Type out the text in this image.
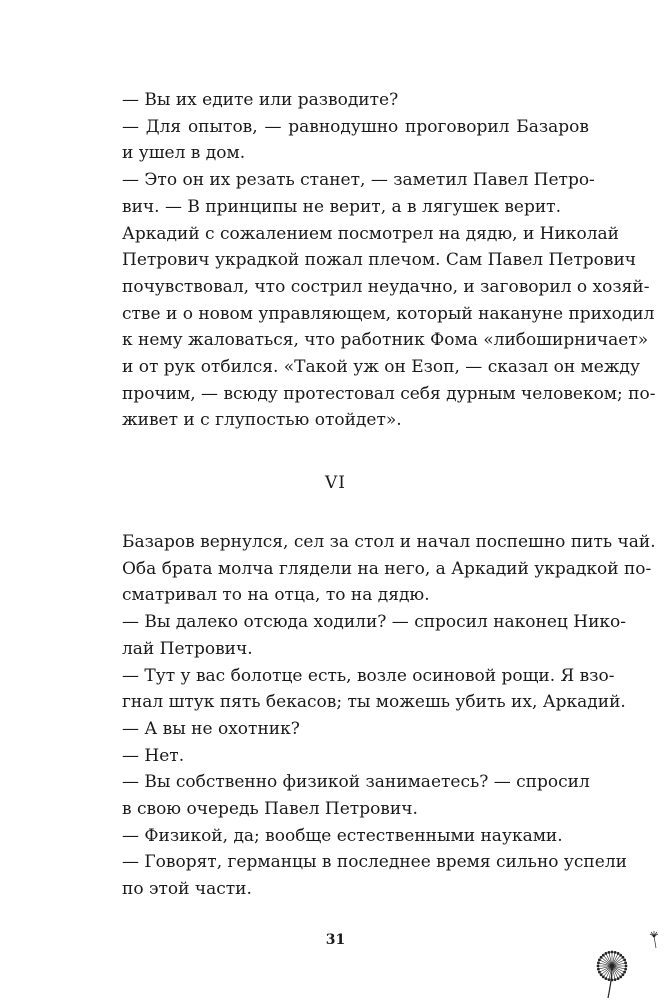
— Вы их едите или разводите?

— Для опытов, — равнодушно проговорил Базаров
и ушел в дом.

— Это он их резать станет, — заметил Павел Петро-
вич. — В принципы не верит, а в лягушек верит.

Аркадий с сожалением посмотрел на дядю, и Николай
Петрович украдкой пожал плечом. Сам Павел Петрович
почувствовал, что сострил неудачно, и заговорил о хозяй-
стве и о новом управляющем, который накануне приходил
к нему жаловаться, что работник Фома «либоширничает»
и от рук отбился. «Такой уж он Езоп, — сказал он между
прочим, — всюду протестовал себя дурным человеком; по-
живет и с глупостью отойдет».

VI

Базаров вернулся, сел за стол и начал поспешно пить чай.
Оба брата молча глядели на него, а Аркадий украдкой по-
сматривал то на отца, то на дядю.

— Вы далеко отсюда ходили? — спросил наконец Нико-
лай Петрович.

— Тут у вас болотце есть, возле осиновой рощи. Я взо-
гнал штук пять бекасов; ты можешь убить их, Аркадий.

— А вы не охотник?

— Нет.

— Вы собственно физикой занимаетесь? — спросил
в свою очередь Павел Петрович.

— Физикой, да; вообще естественными науками.

— Говорят, германцы в последнее время сильно успели
по этой части.

31
